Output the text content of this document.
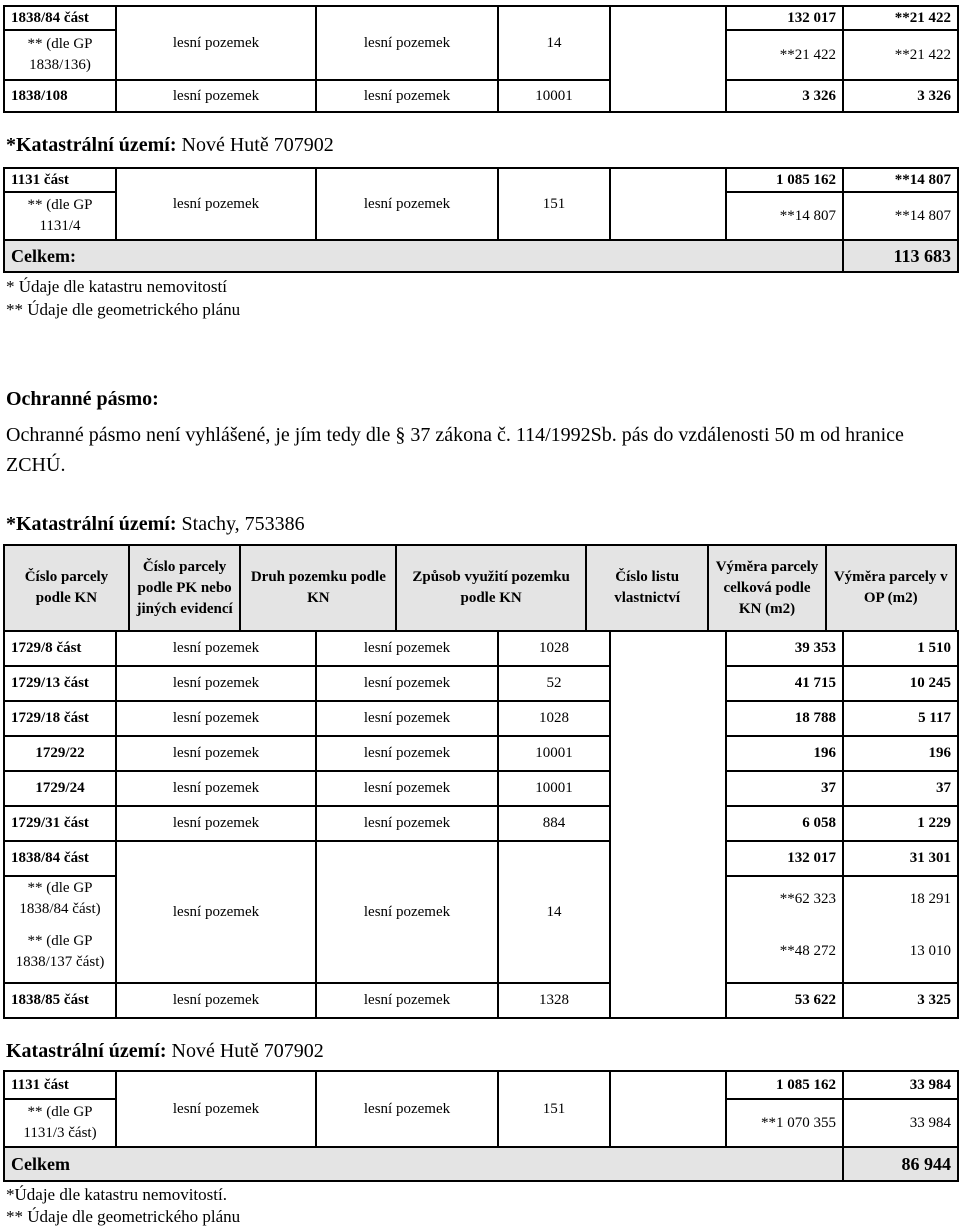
1838/84 část	lesní pozemek	lesní pozemek	14		132 017	**21 422
** (dle GP 1838/136)					**21 422	**21 422
1838/108	lesní pozemek	lesní pozemek	10001		3 326	3 326
*Katastrální území: Nové Hutě 707902
1131 část	lesní pozemek	lesní pozemek	151		1 085 162	**14 807
** (dle GP 1131/4					**14 807	**14 807
Celkem:						113 683
* Údaje dle katastru nemovitostí
** Údaje dle geometrického plánu
Ochranné pásmo:
Ochranné pásmo není vyhlášené, je jím tedy dle § 37 zákona č. 114/1992Sb. pás do vzdálenosti 50 m od hranice ZCHÚ.
*Katastrální území: Stachy, 753386
Číslo parcely podle KN	Číslo parcely podle PK nebo jiných evidencí	Druh pozemku podle KN	Způsob využití pozemku podle KN	Číslo listu vlastnictví	Výměra parcely celková podle KN (m2)	Výměra parcely v OP (m2)
1729/8 část	lesní pozemek	lesní pozemek	1028		39 353	1 510
1729/13 část	lesní pozemek	lesní pozemek	52		41 715	10 245
1729/18 část	lesní pozemek	lesní pozemek	1028		18 788	5 117
1729/22	lesní pozemek	lesní pozemek	10001		196	196
1729/24	lesní pozemek	lesní pozemek	10001		37	37
1729/31 část	lesní pozemek	lesní pozemek	884		6 058	1 229
1838/84 část	lesní pozemek	lesní pozemek	14		132 017	31 301
** (dle GP 1838/84 část)					**62 323	18 291
** (dle GP 1838/137 část)					**48 272	13 010
1838/85 část	lesní pozemek	lesní pozemek	1328		53 622	3 325
Katastrální území: Nové Hutě 707902
1131 část	lesní pozemek	lesní pozemek	151		1 085 162	33 984
** (dle GP 1131/3 část)					**1 070 355	33 984
Celkem						86 944
*Údaje dle katastru nemovitostí.
** Údaje dle geometrického plánu
